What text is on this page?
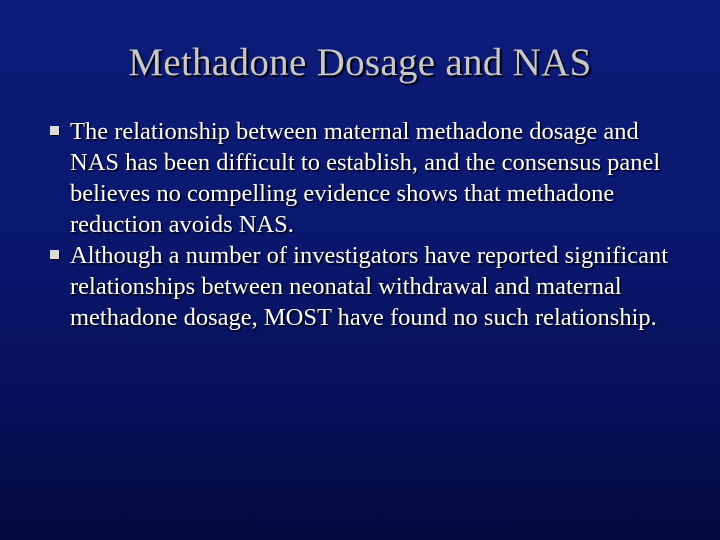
Methadone Dosage and NAS
The relationship between maternal methadone dosage and NAS has been difficult to establish, and the consensus panel believes no compelling evidence shows that methadone reduction avoids NAS.
Although a number of investigators have reported significant relationships between neonatal withdrawal and maternal methadone dosage, MOST have found no such relationship.
